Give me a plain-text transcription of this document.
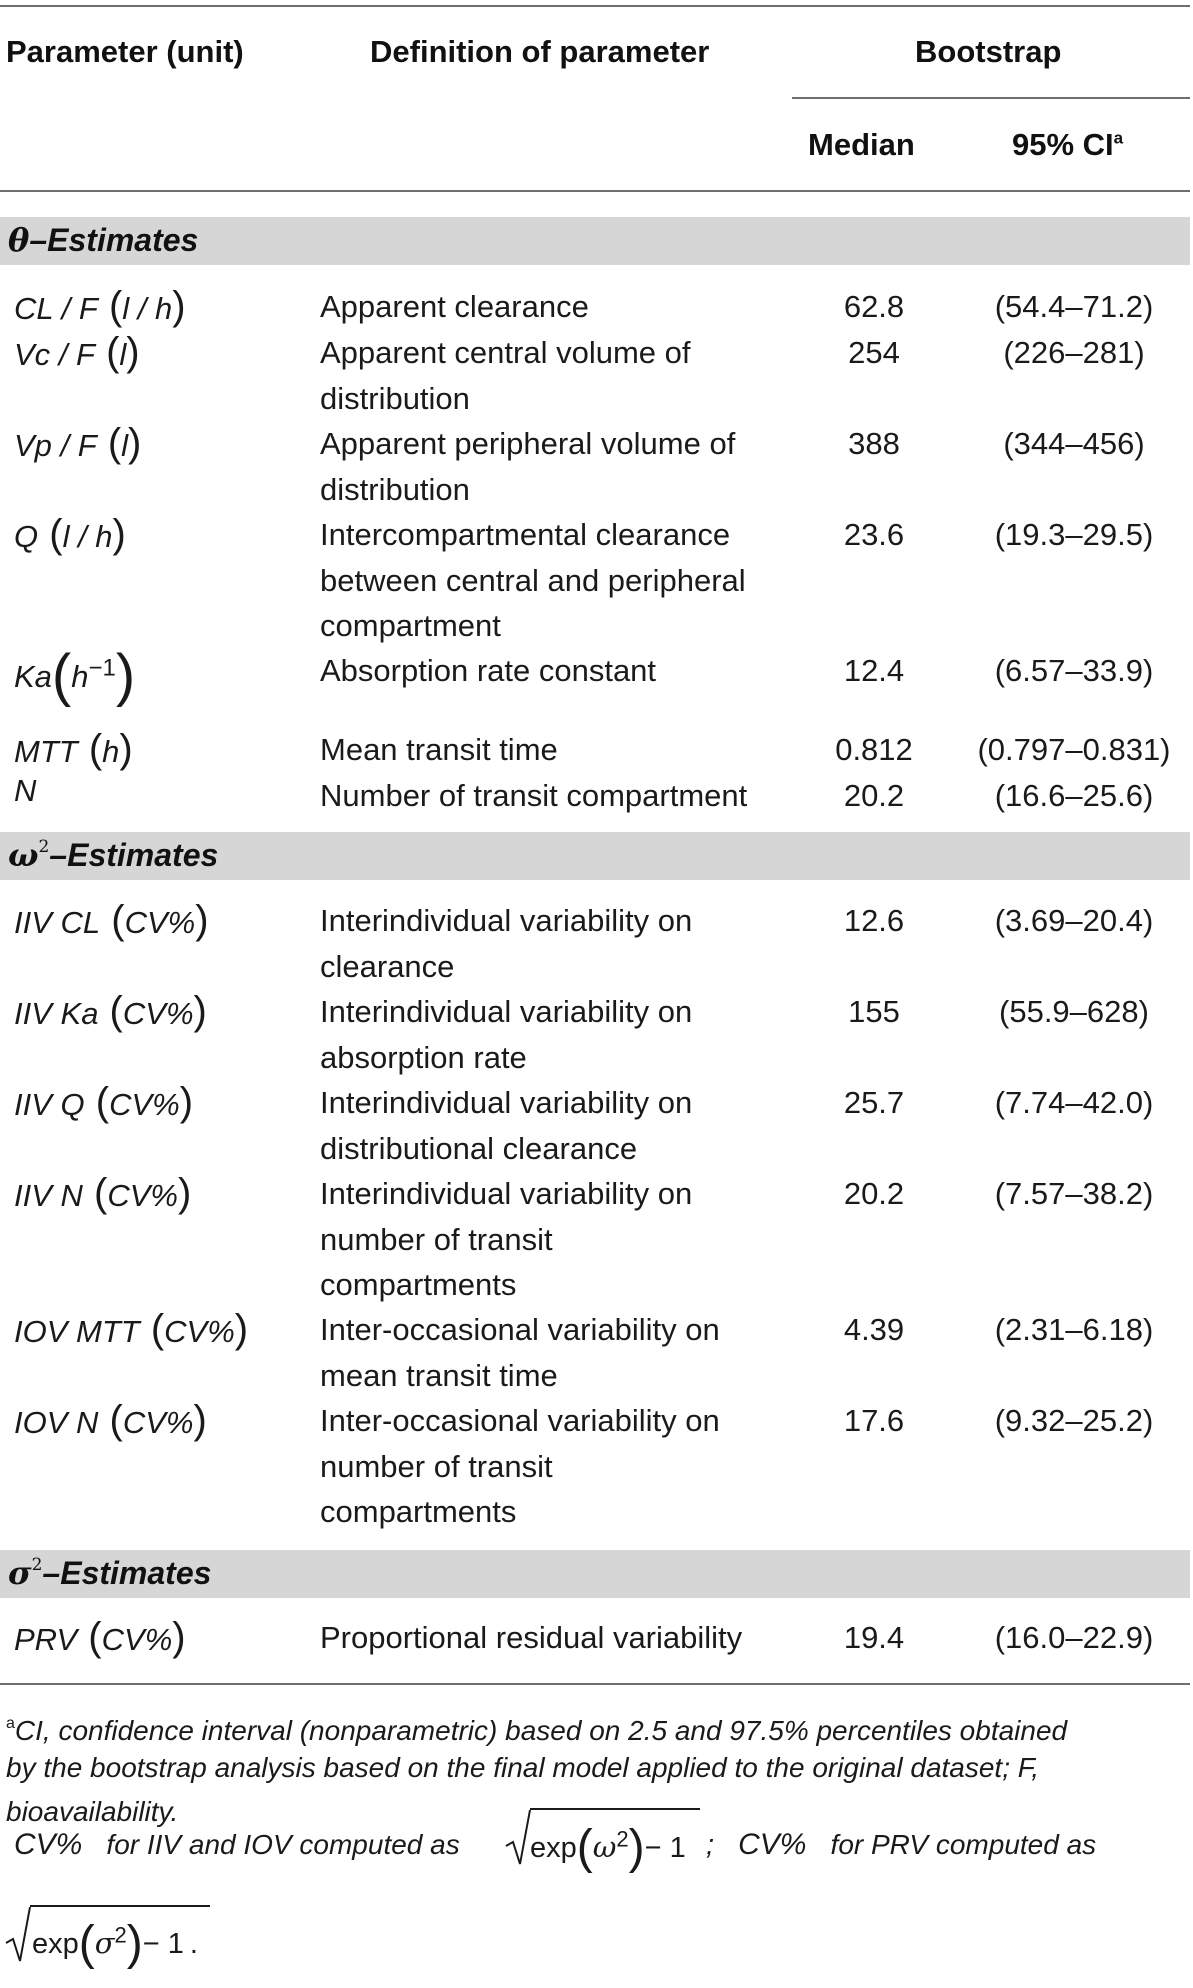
Parameter (unit)	Definition of parameter	Bootstrap
Median	95% $CI^a$
θ–Estimates
CL / F (l / h)	Apparent clearance	62.8	(54.4–71.2)
Vc / F (l)	Apparent central volume of
distribution
254	(226–281)
Vp / F (l)	Apparent peripheral volume of
distribution
388	(344–456)
Q (l / h)	Intercompartmental clearance
between central and peripheral
compartment
23.6	(19.3–29.5)
$Ka(h^{-1})$	Absorption rate constant	12.4	(6.57–33.9)
MTT (h)	Mean transit time	0.812	(0.797–0.831)
N	Number of transit compartment	20.2	(16.6–25.6)
$\omega^2$–Estimates
IIV CL (CV%)	Interindividual variability on
clearance
12.6	(3.69–20.4)
IIV Ka (CV%)	Interindividual variability on
absorption rate
155	(55.9–628)
IIV Q (CV%)	Interindividual variability on
distributional clearance
25.7	(7.74–42.0)
IIV N (CV%)	Interindividual variability on
number of transit
compartments
20.2	(7.57–38.2)
IOV MTT (CV%) Inter-occasional variability on
mean transit time
4.39	(2.31–6.18)
IOV N (CV%)	Inter-occasional variability on
number of transit
compartments
17.6	(9.32–25.2)
$\sigma^2$–Estimates
PRV (CV%)	Proportional residual variability	19.4	(16.0–22.9)
$^a$CI, confidence interval (nonparametric) based on 2.5 and 97.5% percentiles obtained
by the bootstrap analysis based on the final model applied to the original dataset; F,
bioavailability.
CV% for IIV and IOV computed as $\exp(\omega^2)- 1$ ; CV% for PRV computed as
$\exp(\sigma^2)- 1$ .
